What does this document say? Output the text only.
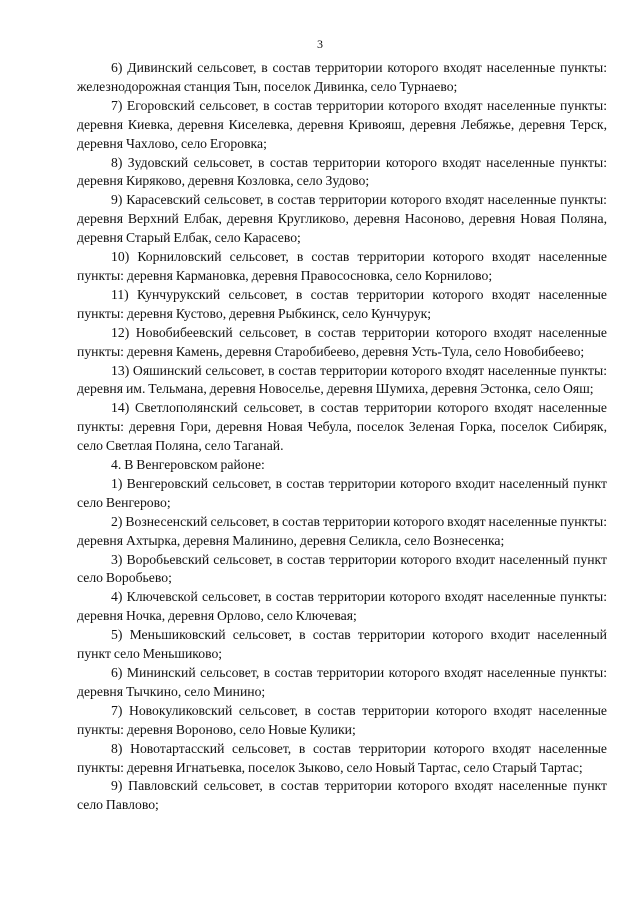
3

6) Дивинский сельсовет, в состав территории которого входят населенные пункты: железнодорожная станция Тын, поселок Дивинка, село Турнаево;

7) Егоровский сельсовет, в состав территории которого входят населенные пункты: деревня Киевка, деревня Киселевка, деревня Кривояш, деревня Лебяжье, деревня Терск, деревня Чахлово, село Егоровка;

8) Зудовский сельсовет, в состав территории которого входят населенные пункты: деревня Киряково, деревня Козловка, село Зудово;

9) Карасевский сельсовет, в состав территории которого входят населенные пункты: деревня Верхний Елбак, деревня Кругликово, деревня Насоново, деревня Новая Поляна, деревня Старый Елбак, село Карасево;

10) Корниловский сельсовет, в состав территории которого входят населенные пункты: деревня Кармановка, деревня Правососновка, село Корнилово;

11) Кунчурукский сельсовет, в состав территории которого входят населенные пункты: деревня Кустово, деревня Рыбкинск, село Кунчурук;

12) Новобибеевский сельсовет, в состав территории которого входят населенные пункты: деревня Камень, деревня Старобибеево, деревня Усть-Тула, село Новобибеево;

13) Ояшинский сельсовет, в состав территории которого входят населенные пункты: деревня им. Тельмана, деревня Новоселье, деревня Шумиха, деревня Эстонка, село Ояш;

14) Светлополянский сельсовет, в состав территории которого входят населенные пункты: деревня Гори, деревня Новая Чебула, поселок Зеленая Горка, поселок Сибиряк, село Светлая Поляна, село Таганай.

4. В Венгеровском районе:

1) Венгеровский сельсовет, в состав территории которого входит населенный пункт село Венгерово;

2) Вознесенский сельсовет, в состав территории которого входят населенные пункты: деревня Ахтырка, деревня Малинино, деревня Селикла, село Вознесенка;

3) Воробьевский сельсовет, в состав территории которого входит населенный пункт село Воробьево;

4) Ключевской сельсовет, в состав территории которого входят населенные пункты: деревня Ночка, деревня Орлово, село Ключевая;

5) Меньшиковский сельсовет, в состав территории которого входит населенный пункт село Меньшиково;

6) Мининский сельсовет, в состав территории которого входят населенные пункты: деревня Тычкино, село Минино;

7) Новокуликовский сельсовет, в состав территории которого входят населенные пункты: деревня Вороново, село Новые Кулики;

8) Новотартасский сельсовет, в состав территории которого входят населенные пункты: деревня Игнатьевка, поселок Зыково, село Новый Тартас, село Старый Тартас;

9) Павловский сельсовет, в состав территории которого входят населенные пункт село Павлово;
